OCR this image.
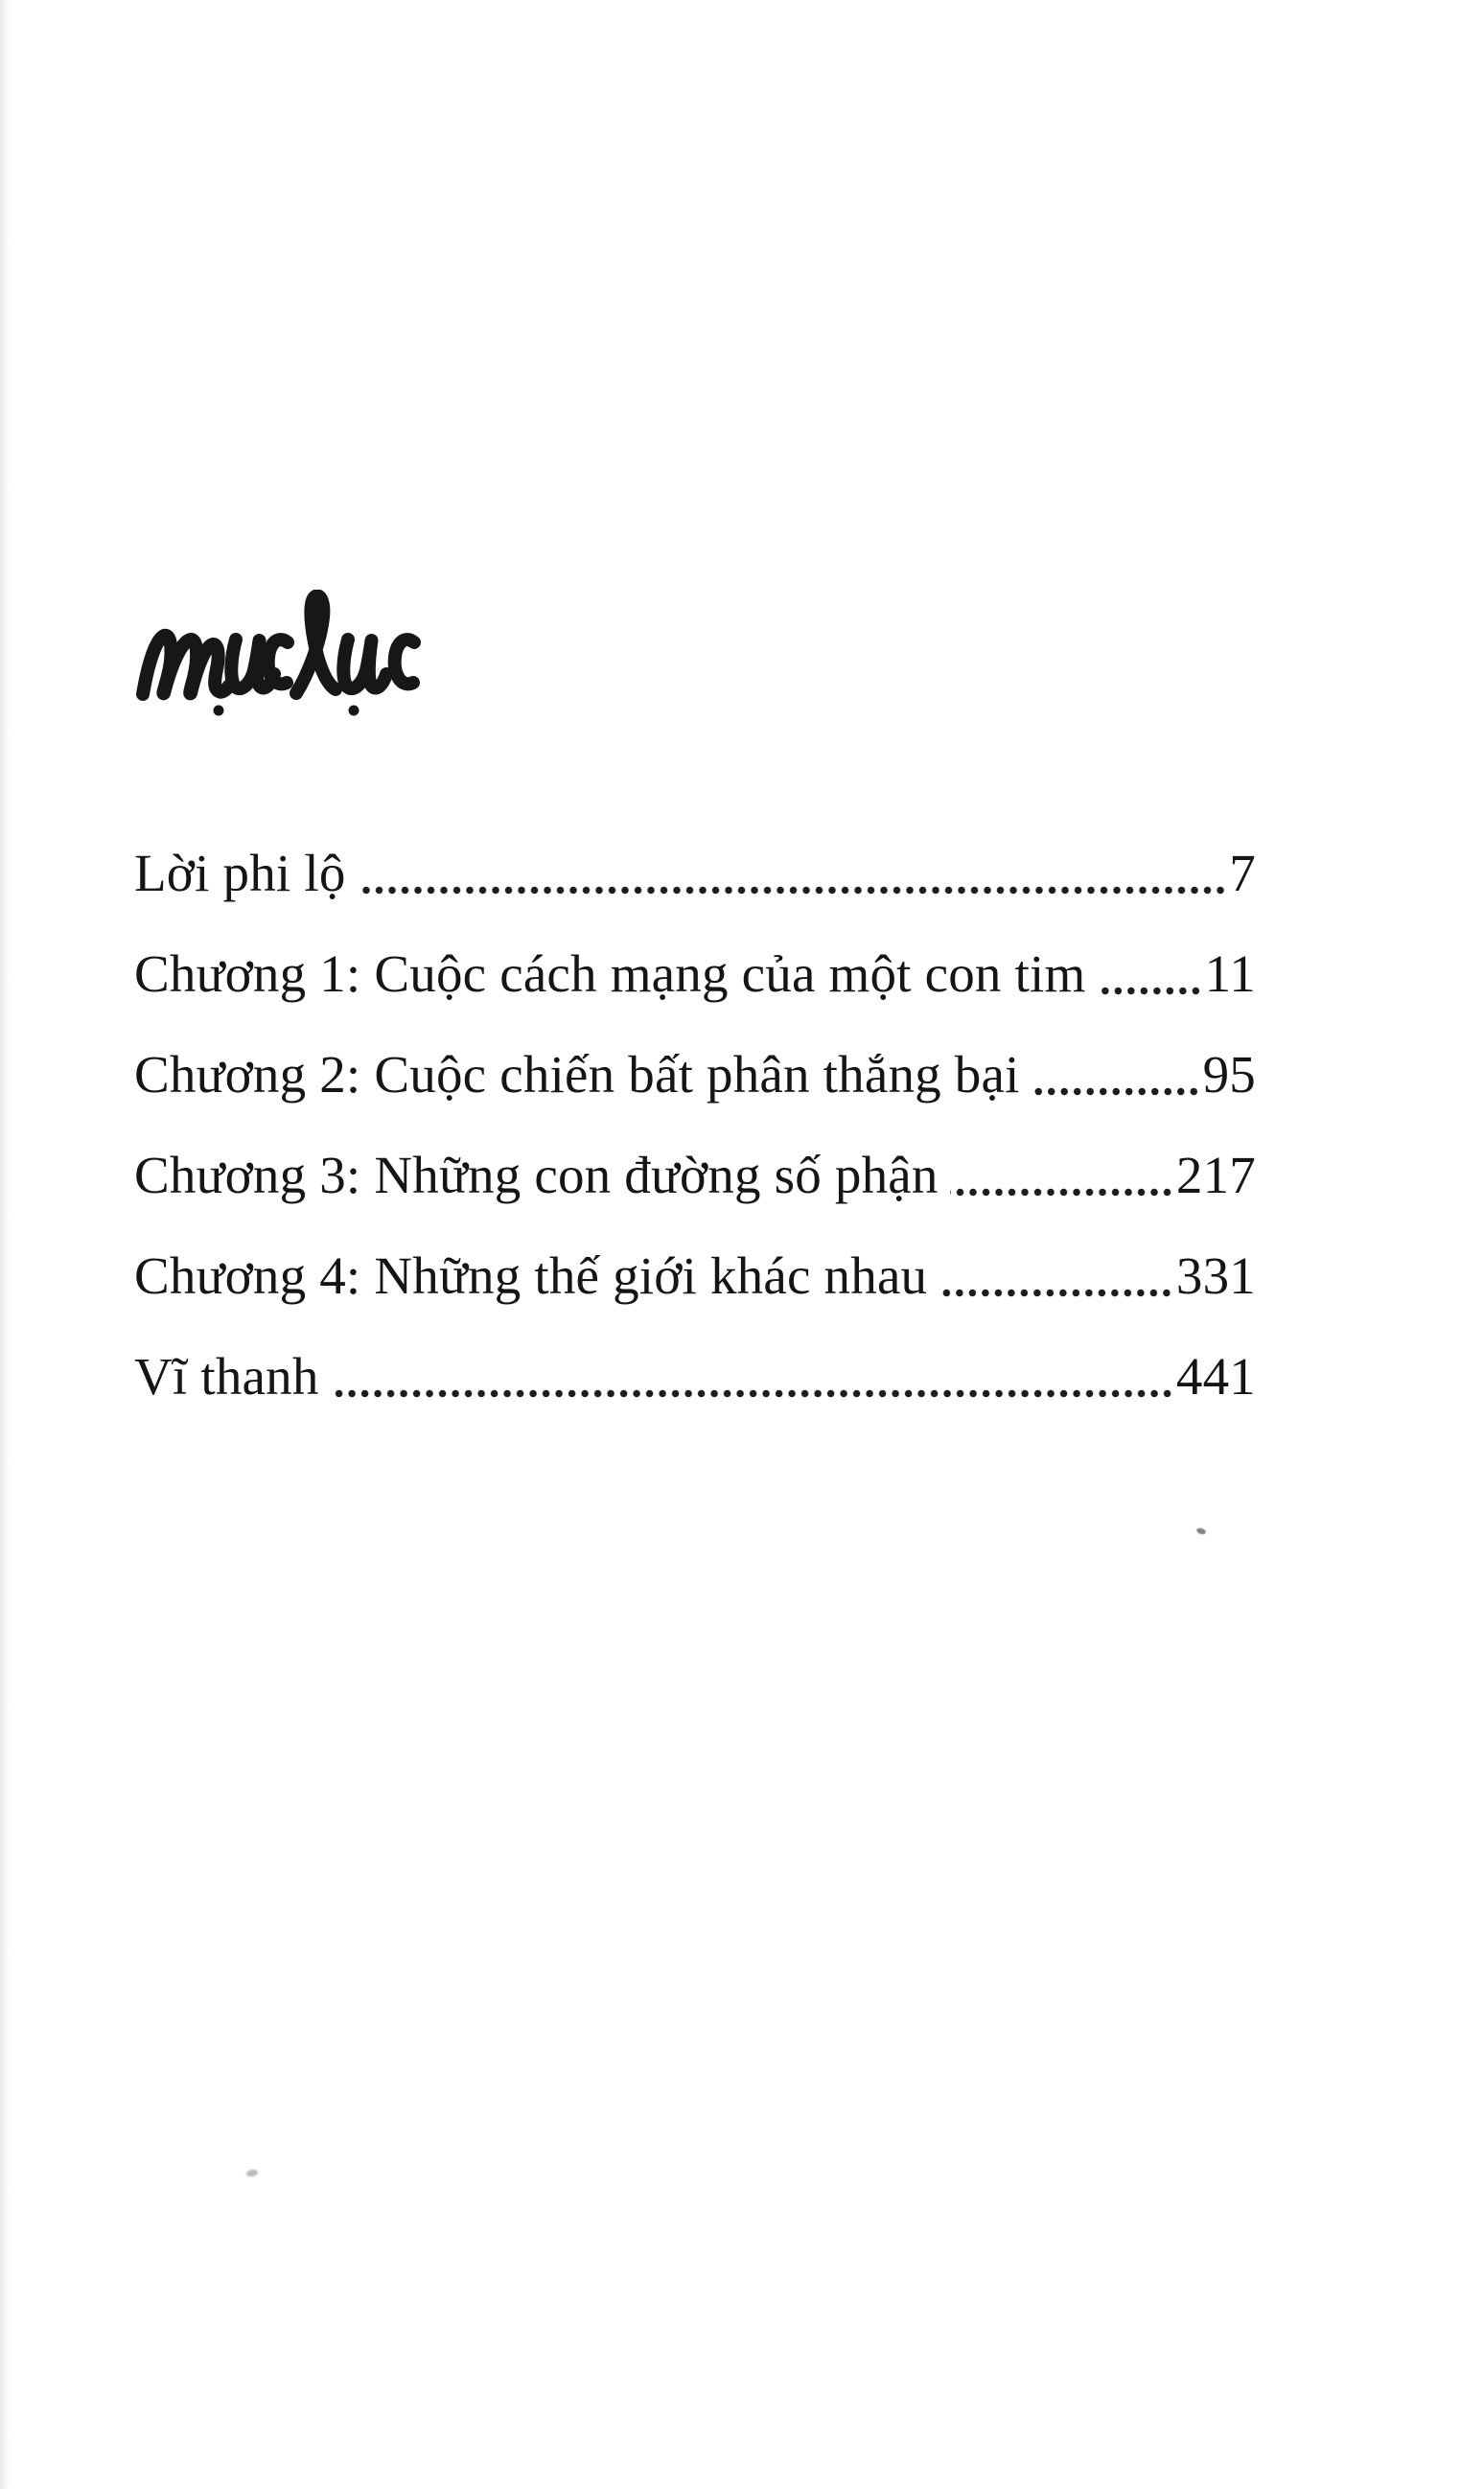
Lời phi lộ	7
Chương 1: Cuộc cách mạng của một con tim 11
Chương 2: Cuộc chiến bất phân thắng bại	95
Chương 3: Những con đường số phận	217
Chương 4: Những thế giới khác nhau	331
Vĩ thanh	441
